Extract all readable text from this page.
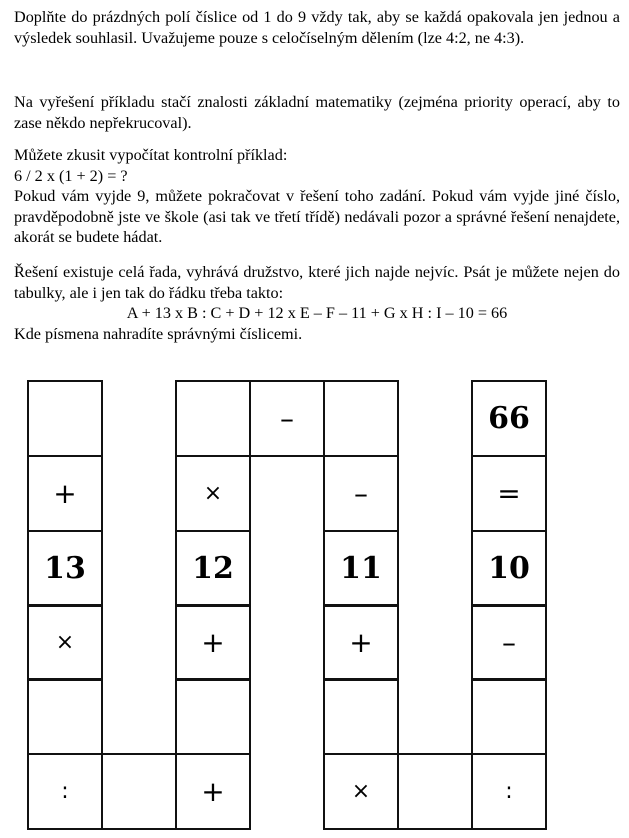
Doplňte do prázdných polí číslice od 1 do 9 vždy tak, aby se každá opakovala jen jednou a výsledek souhlasil. Uvažujeme pouze s celočíselným dělením (lze 4:2, ne 4:3).

Na vyřešení příkladu stačí znalosti základní matematiky (zejména priority operací, aby to zase někdo nepřekrucoval).

Můžete zkusit vypočítat kontrolní příklad:

6 / 2 x (1 + 2) = ?

Pokud vám vyjde 9, můžete pokračovat v řešení toho zadání. Pokud vám vyjde jiné číslo, pravděpodobně jste ve škole (asi tak ve třetí třídě) nedávali pozor a správné řešení nenajdete, akorát se budete hádat.

Řešení existuje celá řada, vyhrává družstvo, které jich najde nejvíc. Psát je můžete nejen do tabulky, ale i jen tak do řádku třeba takto:

A + 13 x B : C + D + 12 x E – F – 11 + G x H : I – 10 = 66

Kde písmena nahradíte správnými číslicemi.

+
13
×
:
×
12
+
+
–
11
+
×
66
=
10
–
:
–
